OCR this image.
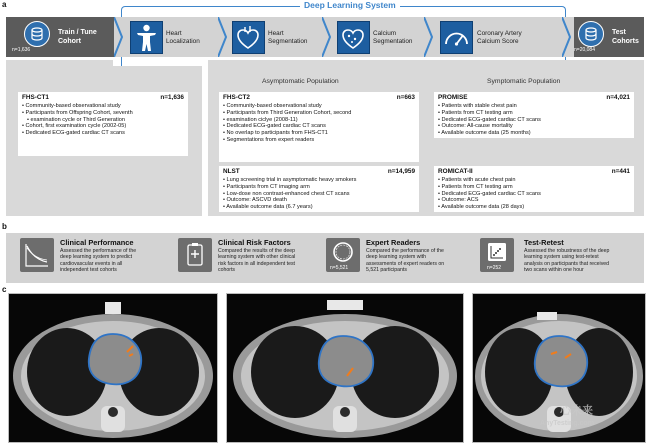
a	Deep Learning System
n=1,636
Train / Tune
Cohort
Heart
Localization
Heart
Segmentation
Calcium
Segmentation
Coronary Artery
Calcium Score
n=20,084
Test
Cohorts
Asymptomatic Population	Symptomatic Population
FHS-CT1	n=1,636
• Community-based observational study
• Participants from Offspring Cohort, seventh
• examination cycle or Third Generation
• Cohort, first examination cycle (2002-05)
• Dedicated ECG-gated cardiac CT scans
FHS-CT2	n=663
• Community-based observational study
• Participants from Third Generation Cohort, second
• examination ciclye (2008-11)
• Dedicated ECG-gated cardiac CT scans
• No overlap to participants from FHS-CT1
• Segmentations from expert readers
NLST	n=14,959
• Lung screening trial in asymptomatic heavy smokers
• Participants from CT imaging arm
• Low-dose non contrast-enhanced chest CT scans
• Outcome: ASCVD death
• Available outcome data (6.7 years)
PROMISE	n=4,021
• Patients with stable chest pain
• Patients from CT testing arm
• Dedicated ECG-gated cardiac CT scans
• Outcome: All-cause mortality
• Available outcome data (25 months)
ROMICAT-II	n=441
• Patients with acute chest pain
• Patients from CT testing arm
• Dedicated ECG-gated cardiac CT scans
• Outcome: ACS
• Available outcome data (28 days)
b
Clinical Performance
Assessed the performance of the
deep learning system to predict
cardiovascular events in all
independent test cohorts
Clinical Risk Factors
Compared the results of the deep
learning system with other clinical
risk factors in all independent test
cohorts	n=5,521
Expert Readers
Compared the performance of the
deep learning system with
assessments of expert readers on
5,521 participants	n=252
Test-Retest
Assessed the robustness of the deep
learning system using test-retest
analysis on participants that received
two scans within one hour
c
心未来
AnyTesting.com
